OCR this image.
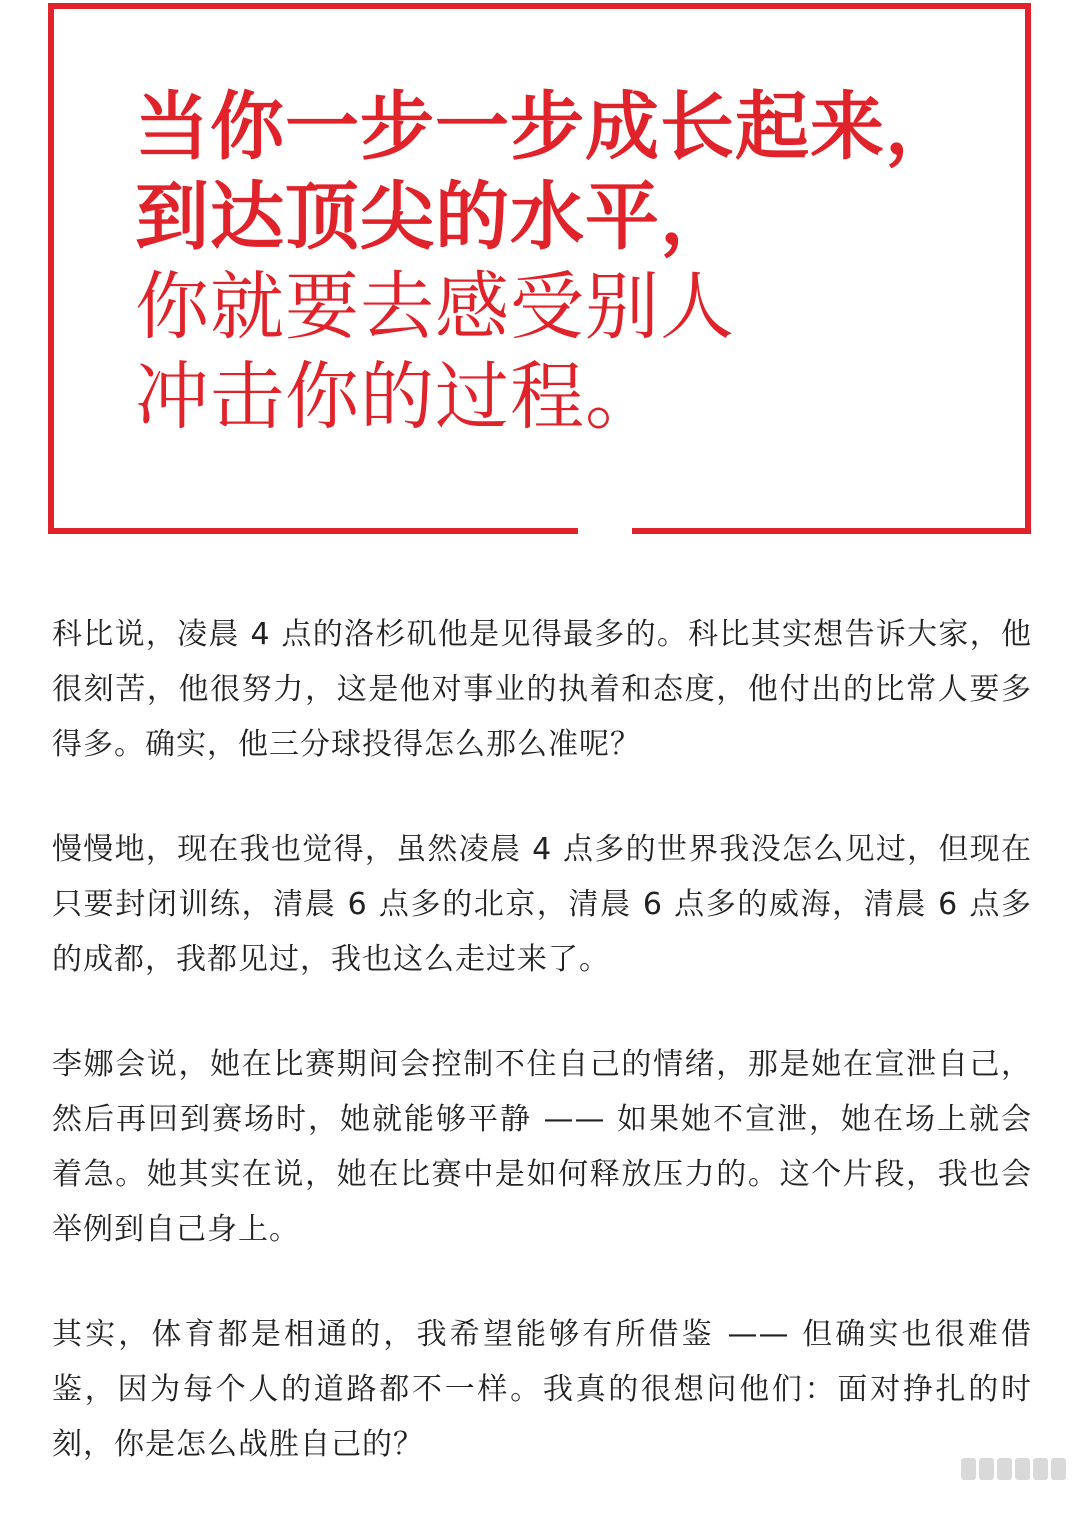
当你一步一步成长起来，
到达顶尖的水平，
你就要去感受别人
冲击你的过程。

科比说，凌晨 4 点的洛杉矶他是见得最多的。科比其实想告诉大家，他很刻苦，他很努力，这是他对事业的执着和态度，他付出的比常人要多得多。确实，他三分球投得怎么那么准呢？

慢慢地，现在我也觉得，虽然凌晨 4 点多的世界我没怎么见过，但现在只要封闭训练，清晨 6 点多的北京，清晨 6 点多的威海，清晨 6 点多的成都，我都见过，我也这么走过来了。

李娜会说，她在比赛期间会控制不住自己的情绪，那是她在宣泄自己，然后再回到赛场时，她就能够平静 —— 如果她不宣泄，她在场上就会着急。她其实在说，她在比赛中是如何释放压力的。这个片段，我也会举例到自己身上。

其实，体育都是相通的，我希望能够有所借鉴 —— 但确实也很难借鉴，因为每个人的道路都不一样。我真的很想问他们：面对挣扎的时刻，你是怎么战胜自己的？
